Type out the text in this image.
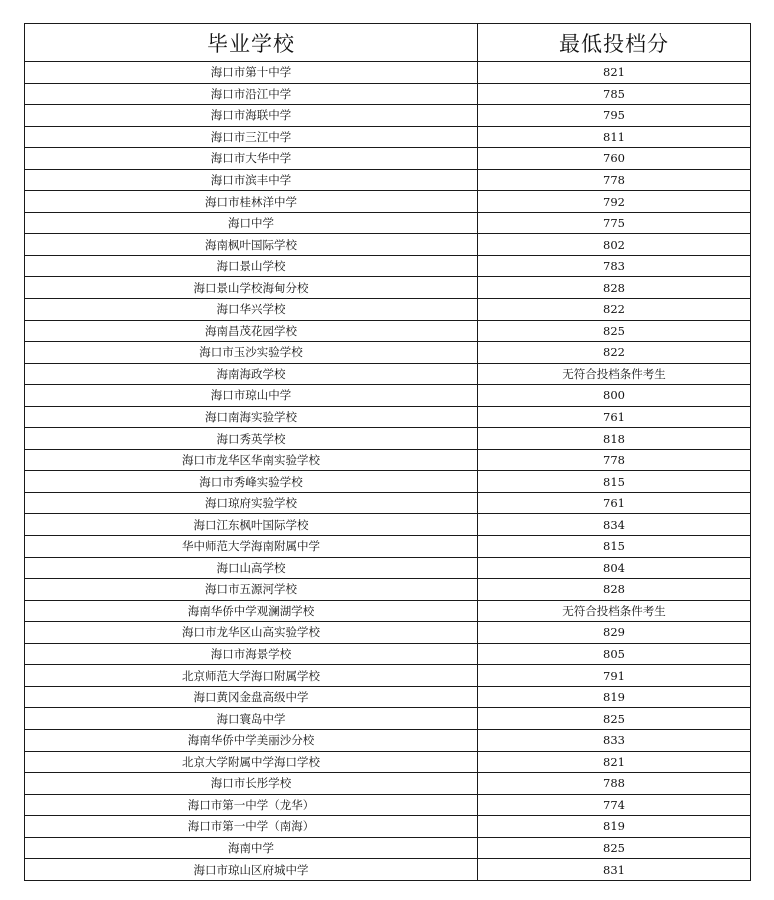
毕业学校	最低投档分
海口市第十中学	821
海口市沿江中学	785
海口市海联中学	795
海口市三江中学	811
海口市大华中学	760
海口市滨丰中学	778
海口市桂林洋中学	792
海口中学	775
海南枫叶国际学校	802
海口景山学校	783
海口景山学校海甸分校	828
海口华兴学校	822
海南昌茂花园学校	825
海口市玉沙实验学校	822
海南海政学校	无符合投档条件考生
海口市琼山中学	800
海口南海实验学校	761
海口秀英学校	818
海口市龙华区华南实验学校	778
海口市秀峰实验学校	815
海口琼府实验学校	761
海口江东枫叶国际学校	834
华中师范大学海南附属中学	815
海口山高学校	804
海口市五源河学校	828
海南华侨中学观澜湖学校	无符合投档条件考生
海口市龙华区山高实验学校	829
海口市海景学校	805
北京师范大学海口附属学校	791
海口黄冈金盘高级中学	819
海口寰岛中学	825
海南华侨中学美丽沙分校	833
北京大学附属中学海口学校	821
海口市长彤学校	788
海口市第一中学（龙华）	774
海口市第一中学（南海）	819
海南中学	825
海口市琼山区府城中学	831
